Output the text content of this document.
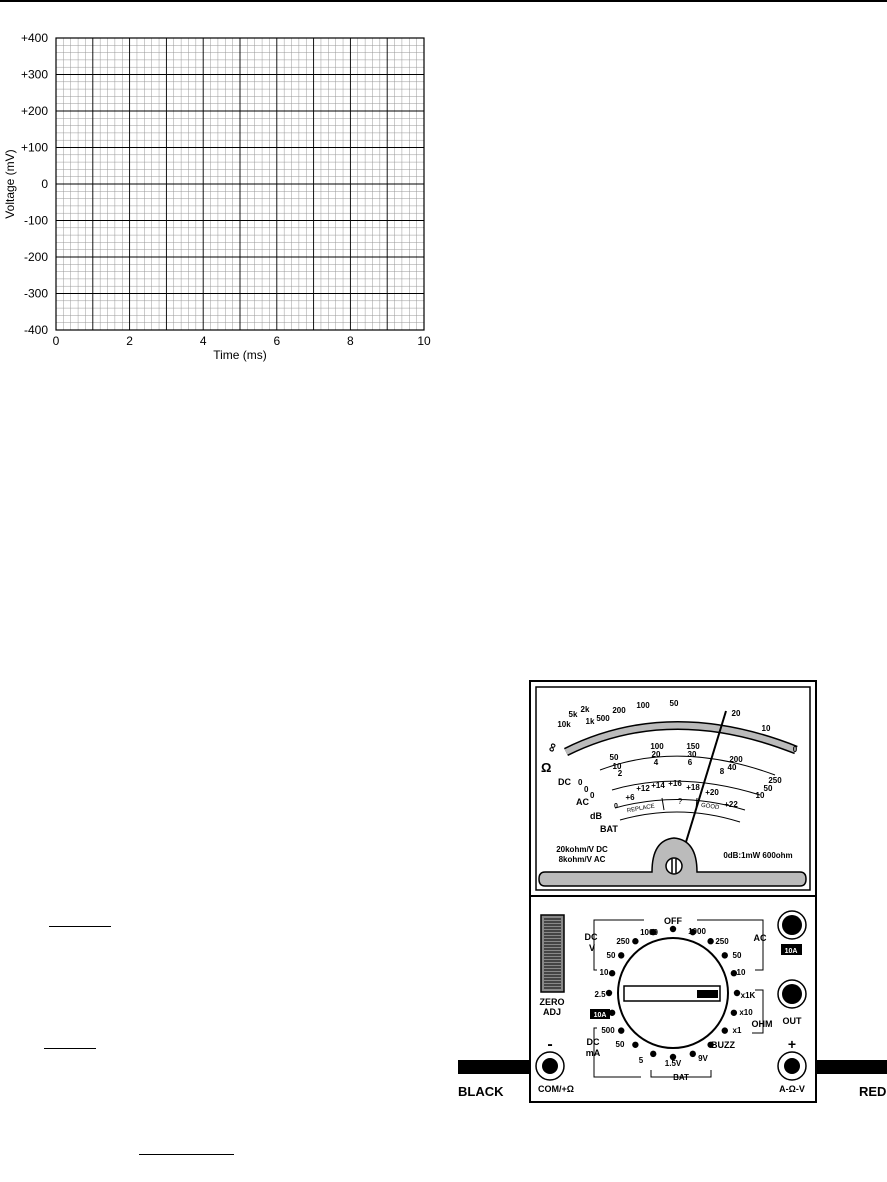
0	2	4	6	8	10
+400
+300
+200
+100
0
-100
-200
-300
-400
Time (ms)
Voltage (mV)
BLACK	RED
10k
5k
2k
1k 500
200
100 50
20
10
0
50
100	150
200
250
10
20	30
40
50
2
4	6
8
10
+6
+12 +14 +16 +18
+20
+22
Ω
∞
DC
AC
dB
BAT
0
0
0
0 REPLACE
?
GOOD
20kohm/V DC
8kohm/V AC	0dB:1mW 600ohm
ZERO
ADJ
OFF
DC
V
1000
250
50
10
2.5
DC
mA
500
50
5	1.5V
9V
BAT
BUZZ
OHM
x1K
x10
x1
AC
1000
250
50
10
10A
10A
OUT
-
COM/+Ω
+
A-Ω-V
